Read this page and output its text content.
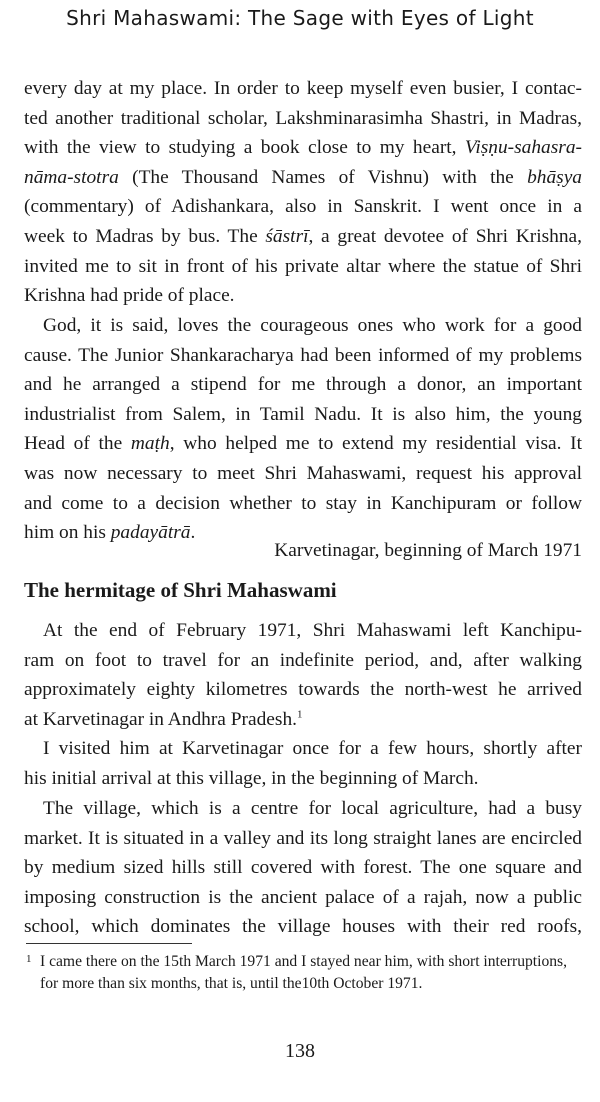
Shri Mahaswami: The Sage with Eyes of Light
every day at my place. In order to keep myself even busier, I contac-
ted another traditional scholar, Lakshminarasimha Shastri, in Madras,
with the view to studying a book close to my heart, Viṣṇu-sahasra-
nāma-stotra (The Thousand Names of Vishnu) with the bhāṣya
(commentary) of Adishankara, also in Sanskrit. I went once in a
week to Madras by bus. The śāstrī, a great devotee of Shri Krishna,
invited me to sit in front of his private altar where the statue of Shri
Krishna had pride of place.
God, it is said, loves the courageous ones who work for a good
cause. The Junior Shankaracharya had been informed of my problems
and he arranged a stipend for me through a donor, an important
industrialist from Salem, in Tamil Nadu. It is also him, the young
Head of the maṭh, who helped me to extend my residential visa. It
was now necessary to meet Shri Mahaswami, request his approval
and come to a decision whether to stay in Kanchipuram or follow
him on his padayātrā.
Karvetinagar, beginning of March 1971
The hermitage of Shri Mahaswami
At the end of February 1971, Shri Mahaswami left Kanchipu-
ram on foot to travel for an indefinite period, and, after walking
approximately eighty kilometres towards the north-west he arrived
at Karvetinagar in Andhra Pradesh.$^1$
I visited him at Karvetinagar once for a few hours, shortly after
his initial arrival at this village, in the beginning of March.
The village, which is a centre for local agriculture, had a busy
market. It is situated in a valley and its long straight lanes are encircled
by medium sized hills still covered with forest. The one square and
imposing construction is the ancient palace of a rajah, now a public
school, which dominates the village houses with their red roofs,
1 I came there on the 15th March 1971 and I stayed near him, with short interruptions,
for more than six months, that is, until the10th October 1971.
138
